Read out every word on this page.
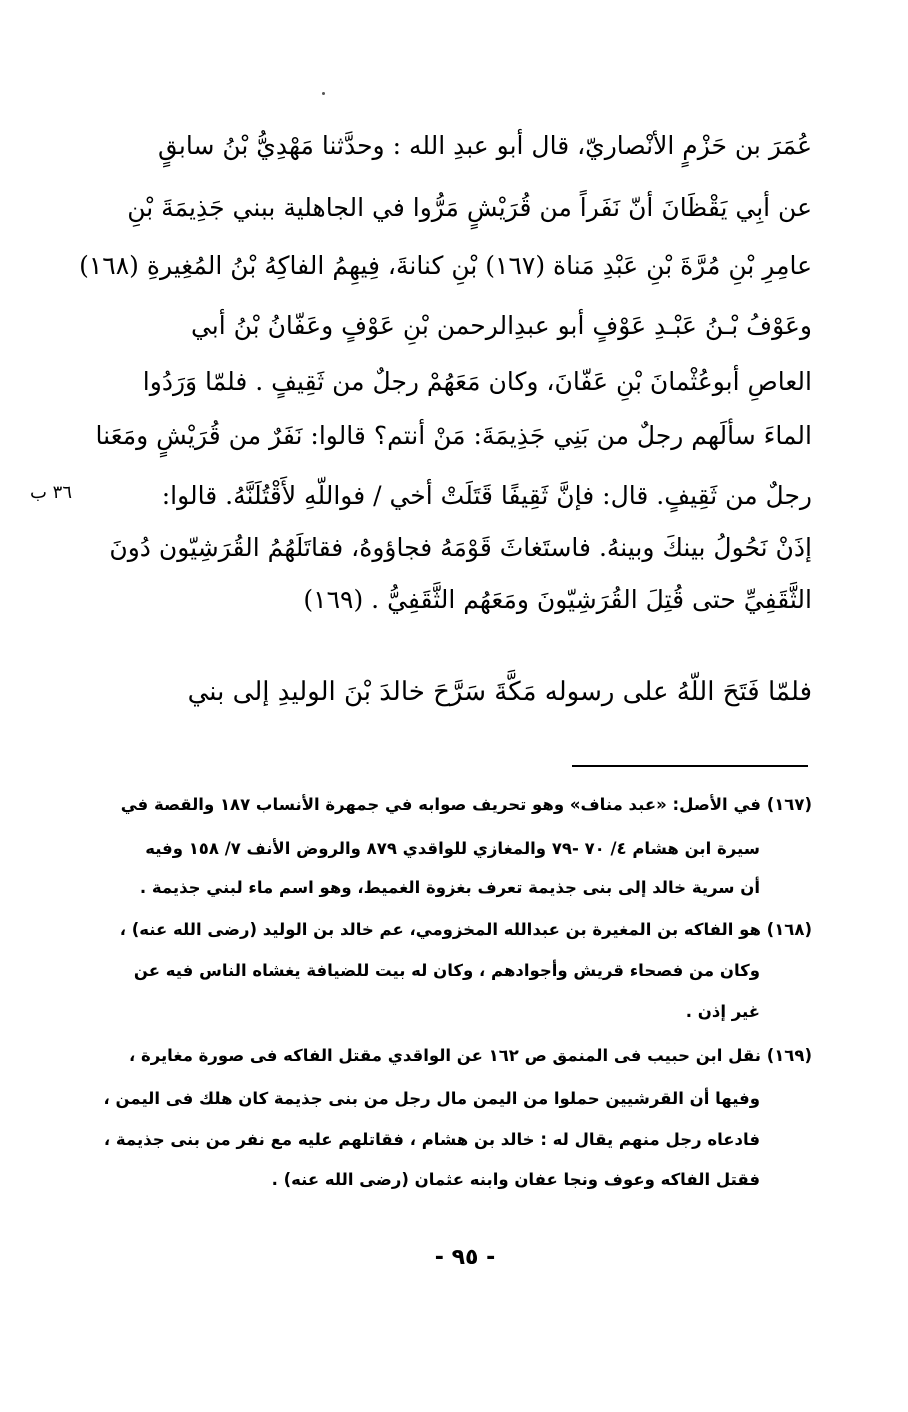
عُمَرَ بن حَزْمٍ الأنْصاريّ، قال أبو عبدِ الله : وحدَّثنا مَهْدِيُّ بْنُ سابقٍ
عن أبِي يَقْظَانَ أنّ نَفَراً من قُرَيْشٍ مَرُّوا في الجاهلية ببني جَذِيمَةَ بْنِ
عامِرِ بْنِ مُرَّةَ بْنِ عَبْدِ مَناة (١٦٧) بْنِ كنانةَ، فِيهِمُ الفاكِهُ بْنُ المُغِيرةِ (١٦٨)
وعَوْفُ بْـنُ عَبْـدِ عَوْفٍ أبو عبدِالرحمن بْنِ عَوْفٍ وعَفّانُ بْنُ أبي
العاصِ أبوعُثْمانَ بْنِ عَفّانَ، وكان مَعَهُمْ رجلٌ من ثَقِيفٍ . فلمّا وَرَدُوا
الماءَ سألَهم رجلٌ من بَنِي جَذِيمَةَ: مَنْ أنتم؟ قالوا: نَفَرٌ من قُرَيْشٍ ومَعَنا
رجلٌ من ثَقِيفٍ. قال: فإنَّ ثَقِيفًا قَتَلَتْ أخي / فواللّهِ لأَقْتُلَنَّهُ. قالوا:
إذَنْ نَحُولُ بينكَ وبينهُ. فاستَغاثَ قَوْمَهُ فجاؤوهُ، فقاتَلَهُمُ القُرَشِيّون دُونَ
الثَّقَفِيِّ حتى قُتِلَ القُرَشِيّونَ ومَعَهُم الثَّقَفِيُّ . (١٦٩)
فلمّا فَتَحَ اللّهُ على رسوله مَكَّةَ سَرَّحَ خالدَ بْنَ الوليدِ إلى بني
٣٦ ب
(١٦٧) في الأصل: «عبد مناف» وهو تحريف صوابه في جمهرة الأنساب ١٨٧ والقصة في
سيرة ابن هشام ٤/ ٧٠ -٧٩ والمغازي للواقدي ٨٧٩ والروض الأنف ٧/ ١٥٨ وفيه
أن سرية خالد إلى بنى جذيمة تعرف بغزوة الغميط، وهو اسم ماء لبني جذيمة .
(١٦٨) هو الفاكه بن المغيرة بن عبدالله المخزومي، عم خالد بن الوليد (رضى الله عنه) ،
وكان من فصحاء قريش وأجوادهم ، وكان له بيت للضيافة يغشاه الناس فيه عن
غير إذن .
(١٦٩) نقل ابن حبيب فى المنمق ص ١٦٢ عن الواقدي مقتل الفاكه فى صورة مغايرة ،
وفيها أن القرشيين حملوا من اليمن مال رجل من بنى جذيمة كان هلك فى اليمن ،
فادعاه رجل منهم يقال له : خالد بن هشام ، فقاتلهم عليه مع نفر من بنى جذيمة ،
فقتل الفاكه وعوف ونجا عفان وابنه عثمان (رضى الله عنه) .
- ٩٥ -
